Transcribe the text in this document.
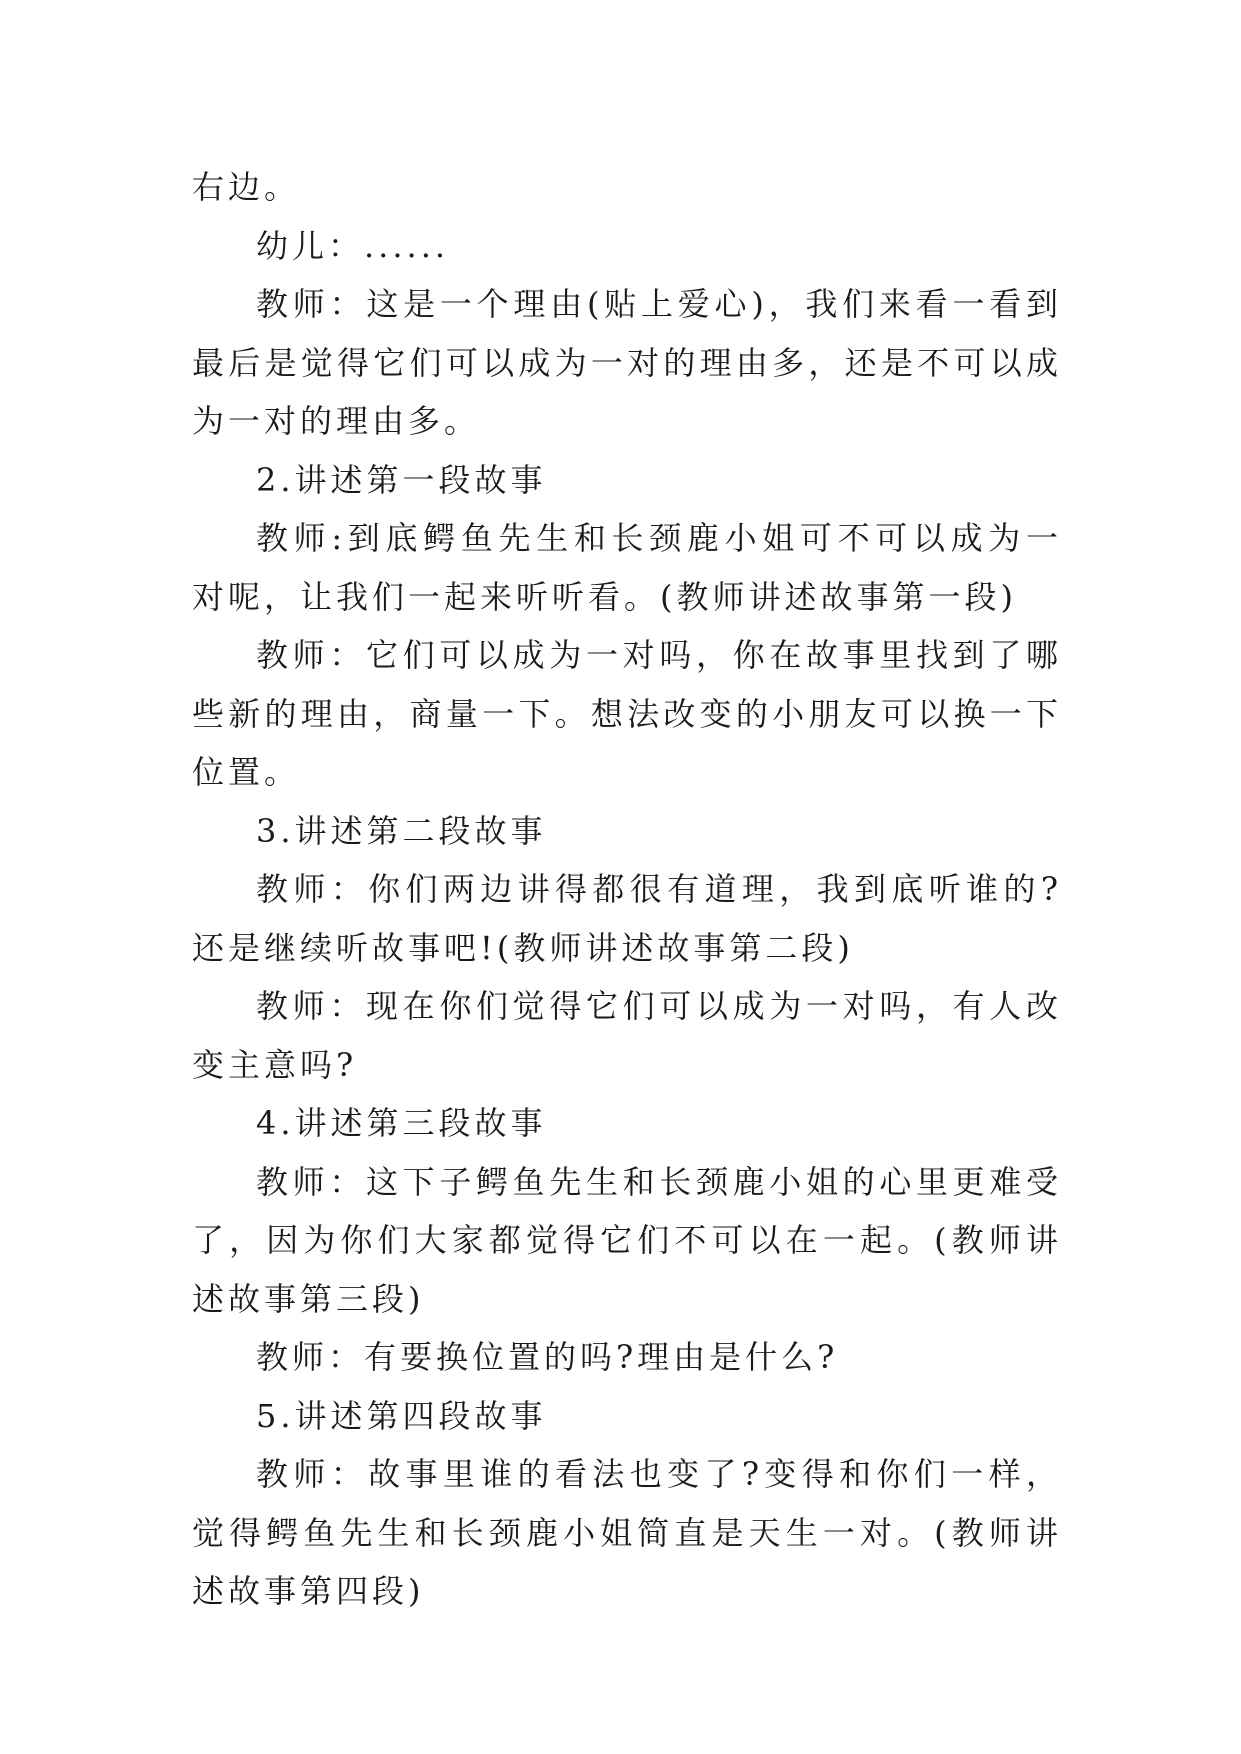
右边。

幼儿：......

教师：这是一个理由(贴上爱心)，我们来看一看到最后是觉得它们可以成为一对的理由多，还是不可以成为一对的理由多。

2.讲述第一段故事

教师:到底鳄鱼先生和长颈鹿小姐可不可以成为一对呢，让我们一起来听听看。(教师讲述故事第一段)

教师：它们可以成为一对吗，你在故事里找到了哪些新的理由，商量一下。想法改变的小朋友可以换一下位置。

3.讲述第二段故事

教师：你们两边讲得都很有道理，我到底听谁的?还是继续听故事吧!(教师讲述故事第二段)

教师：现在你们觉得它们可以成为一对吗，有人改变主意吗?

4.讲述第三段故事

教师：这下子鳄鱼先生和长颈鹿小姐的心里更难受了，因为你们大家都觉得它们不可以在一起。(教师讲述故事第三段)

教师：有要换位置的吗?理由是什么?

5.讲述第四段故事

教师：故事里谁的看法也变了?变得和你们一样，觉得鳄鱼先生和长颈鹿小姐简直是天生一对。(教师讲述故事第四段)
